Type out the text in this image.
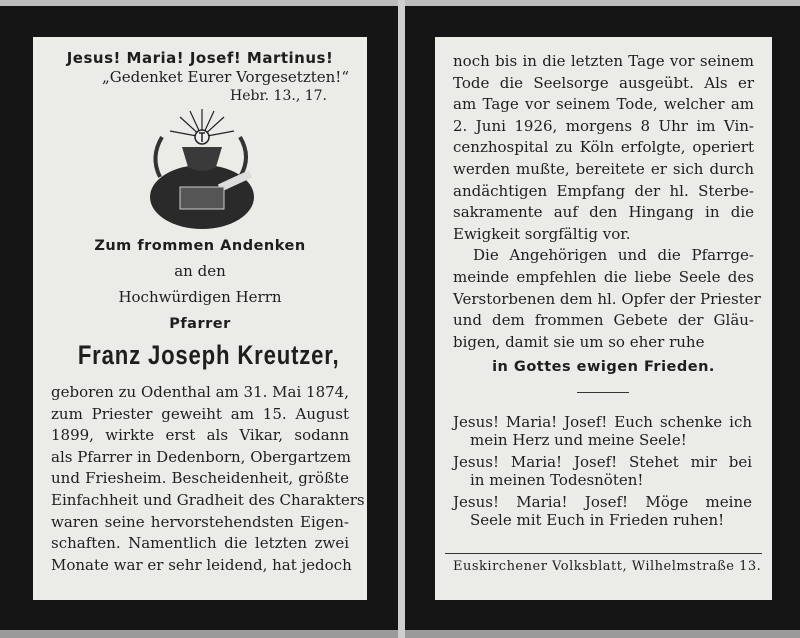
Jesus! Maria! Josef! Martinus!
„Gedenket Eurer Vorgesetzten!“
Hebr. 13., 17.
Zum frommen Andenken
an den
Hochwürdigen Herrn
Pfarrer
Franz Joseph Kreutzer,
geboren zu Odenthal am 31. Mai 1874,
zum Priester geweiht am 15. August
1899, wirkte erst als Vikar, sodann
als Pfarrer in Dedenborn, Obergartzem
und Friesheim. Bescheidenheit, größte
Einfachheit und Gradheit des Charakters
waren seine hervorstehendsten Eigen-
schaften. Namentlich die letzten zwei
Monate war er sehr leidend, hat jedoch
noch bis in die letzten Tage vor seinem
Tode die Seelsorge ausgeübt. Als er
am Tage vor seinem Tode, welcher am
2. Juni 1926, morgens 8 Uhr im Vin-
cenzhospital zu Köln erfolgte, operiert
werden mußte, bereitete er sich durch
andächtigen Empfang der hl. Sterbe-
sakramente auf den Hingang in die
Ewigkeit sorgfältig vor.
Die Angehörigen und die Pfarrge-
meinde empfehlen die liebe Seele des
Verstorbenen dem hl. Opfer der Priester
und dem frommen Gebete der Gläu-
bigen, damit sie um so eher ruhe
in Gottes ewigen Frieden.
Jesus! Maria! Josef! Euch schenke ich
mein Herz und meine Seele!
Jesus! Maria! Josef! Stehet mir bei
in meinen Todesnöten!
Jesus! Maria! Josef! Möge meine
Seele mit Euch in Frieden ruhen!
Euskirchener Volksblatt, Wilhelmstraße 13.
